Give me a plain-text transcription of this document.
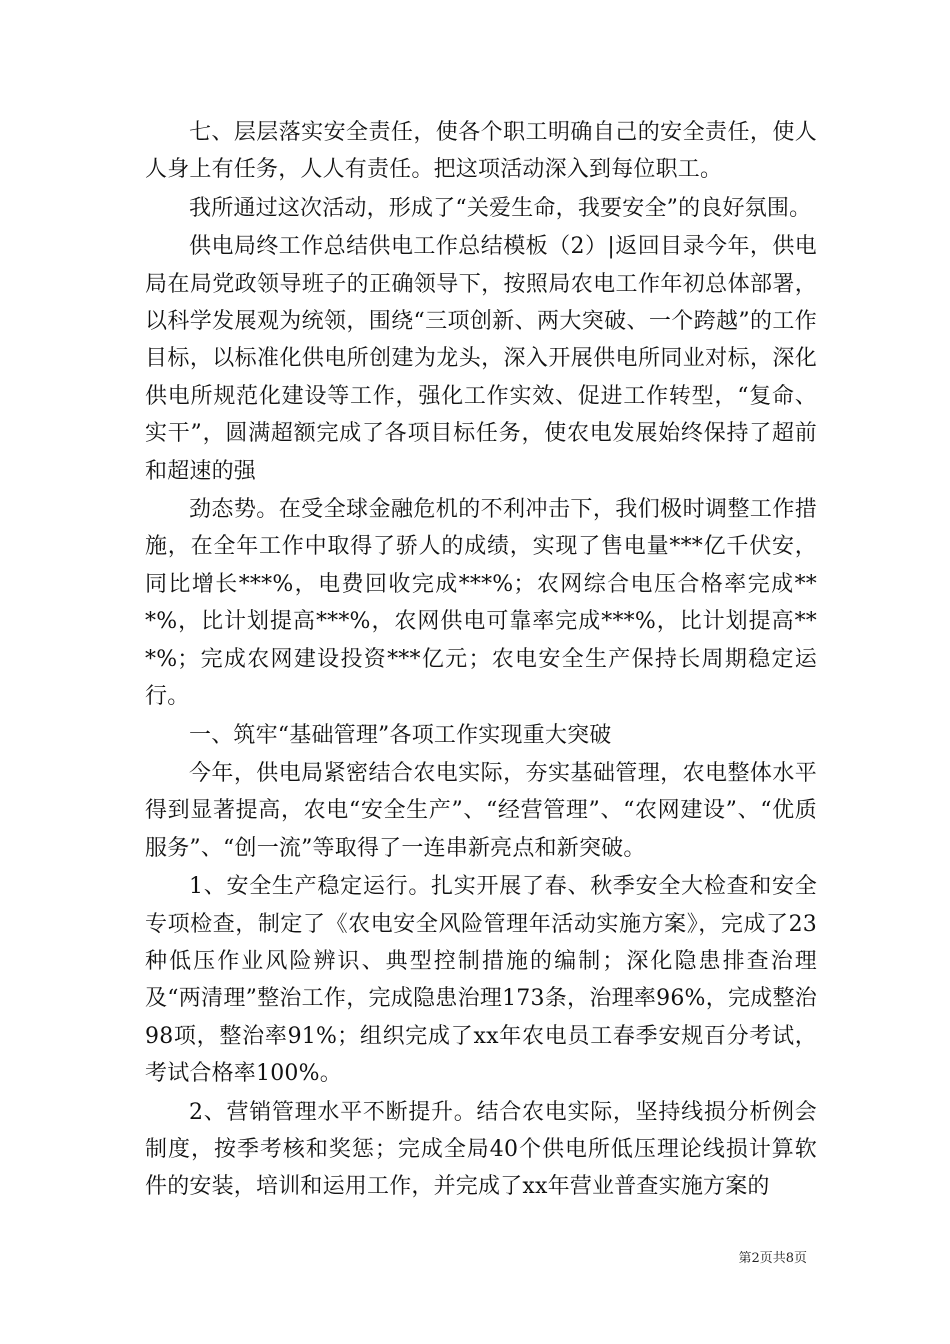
七、层层落实安全责任，使各个职工明确自己的安全责任，使人人身上有任务，人人有责任。把这项活动深入到每位职工。

我所通过这次活动，形成了“关爱生命，我要安全”的良好氛围。

供电局终工作总结供电工作总结模板（2）|返回目录今年，供电局在局党政领导班子的正确领导下，按照局农电工作年初总体部署，以科学发展观为统领，围绕“三项创新、两大突破、一个跨越”的工作目标，以标准化供电所创建为龙头，深入开展供电所同业对标，深化供电所规范化建设等工作，强化工作实效、促进工作转型，“复命、实干”，圆满超额完成了各项目标任务，使农电发展始终保持了超前和超速的强

劲态势。在受全球金融危机的不利冲击下，我们极时调整工作措施，在全年工作中取得了骄人的成绩，实现了售电量***亿千伏安，同比增长***%，电费回收完成***%；农网综合电压合格率完成***%，比计划提高***%，农网供电可靠率完成***%，比计划提高***%；完成农网建设投资***亿元；农电安全生产保持长周期稳定运行。

一、筑牢“基础管理”各项工作实现重大突破

今年，供电局紧密结合农电实际，夯实基础管理，农电整体水平得到显著提高，农电“安全生产”、“经营管理”、“农网建设”、“优质服务”、“创一流”等取得了一连串新亮点和新突破。

1、安全生产稳定运行。扎实开展了春、秋季安全大检查和安全专项检查，制定了《农电安全风险管理年活动实施方案》，完成了23种低压作业风险辨识、典型控制措施的编制；深化隐患排查治理及“两清理”整治工作，完成隐患治理173条，治理率96%，完成整治98项，整治率91%；组织完成了xx年农电员工春季安规百分考试，考试合格率100%。

2、营销管理水平不断提升。结合农电实际，坚持线损分析例会制度，按季考核和奖惩；完成全局40个供电所低压理论线损计算软件的安装，培训和运用工作，并完成了xx年营业普查实施方案的

第2页共8页
